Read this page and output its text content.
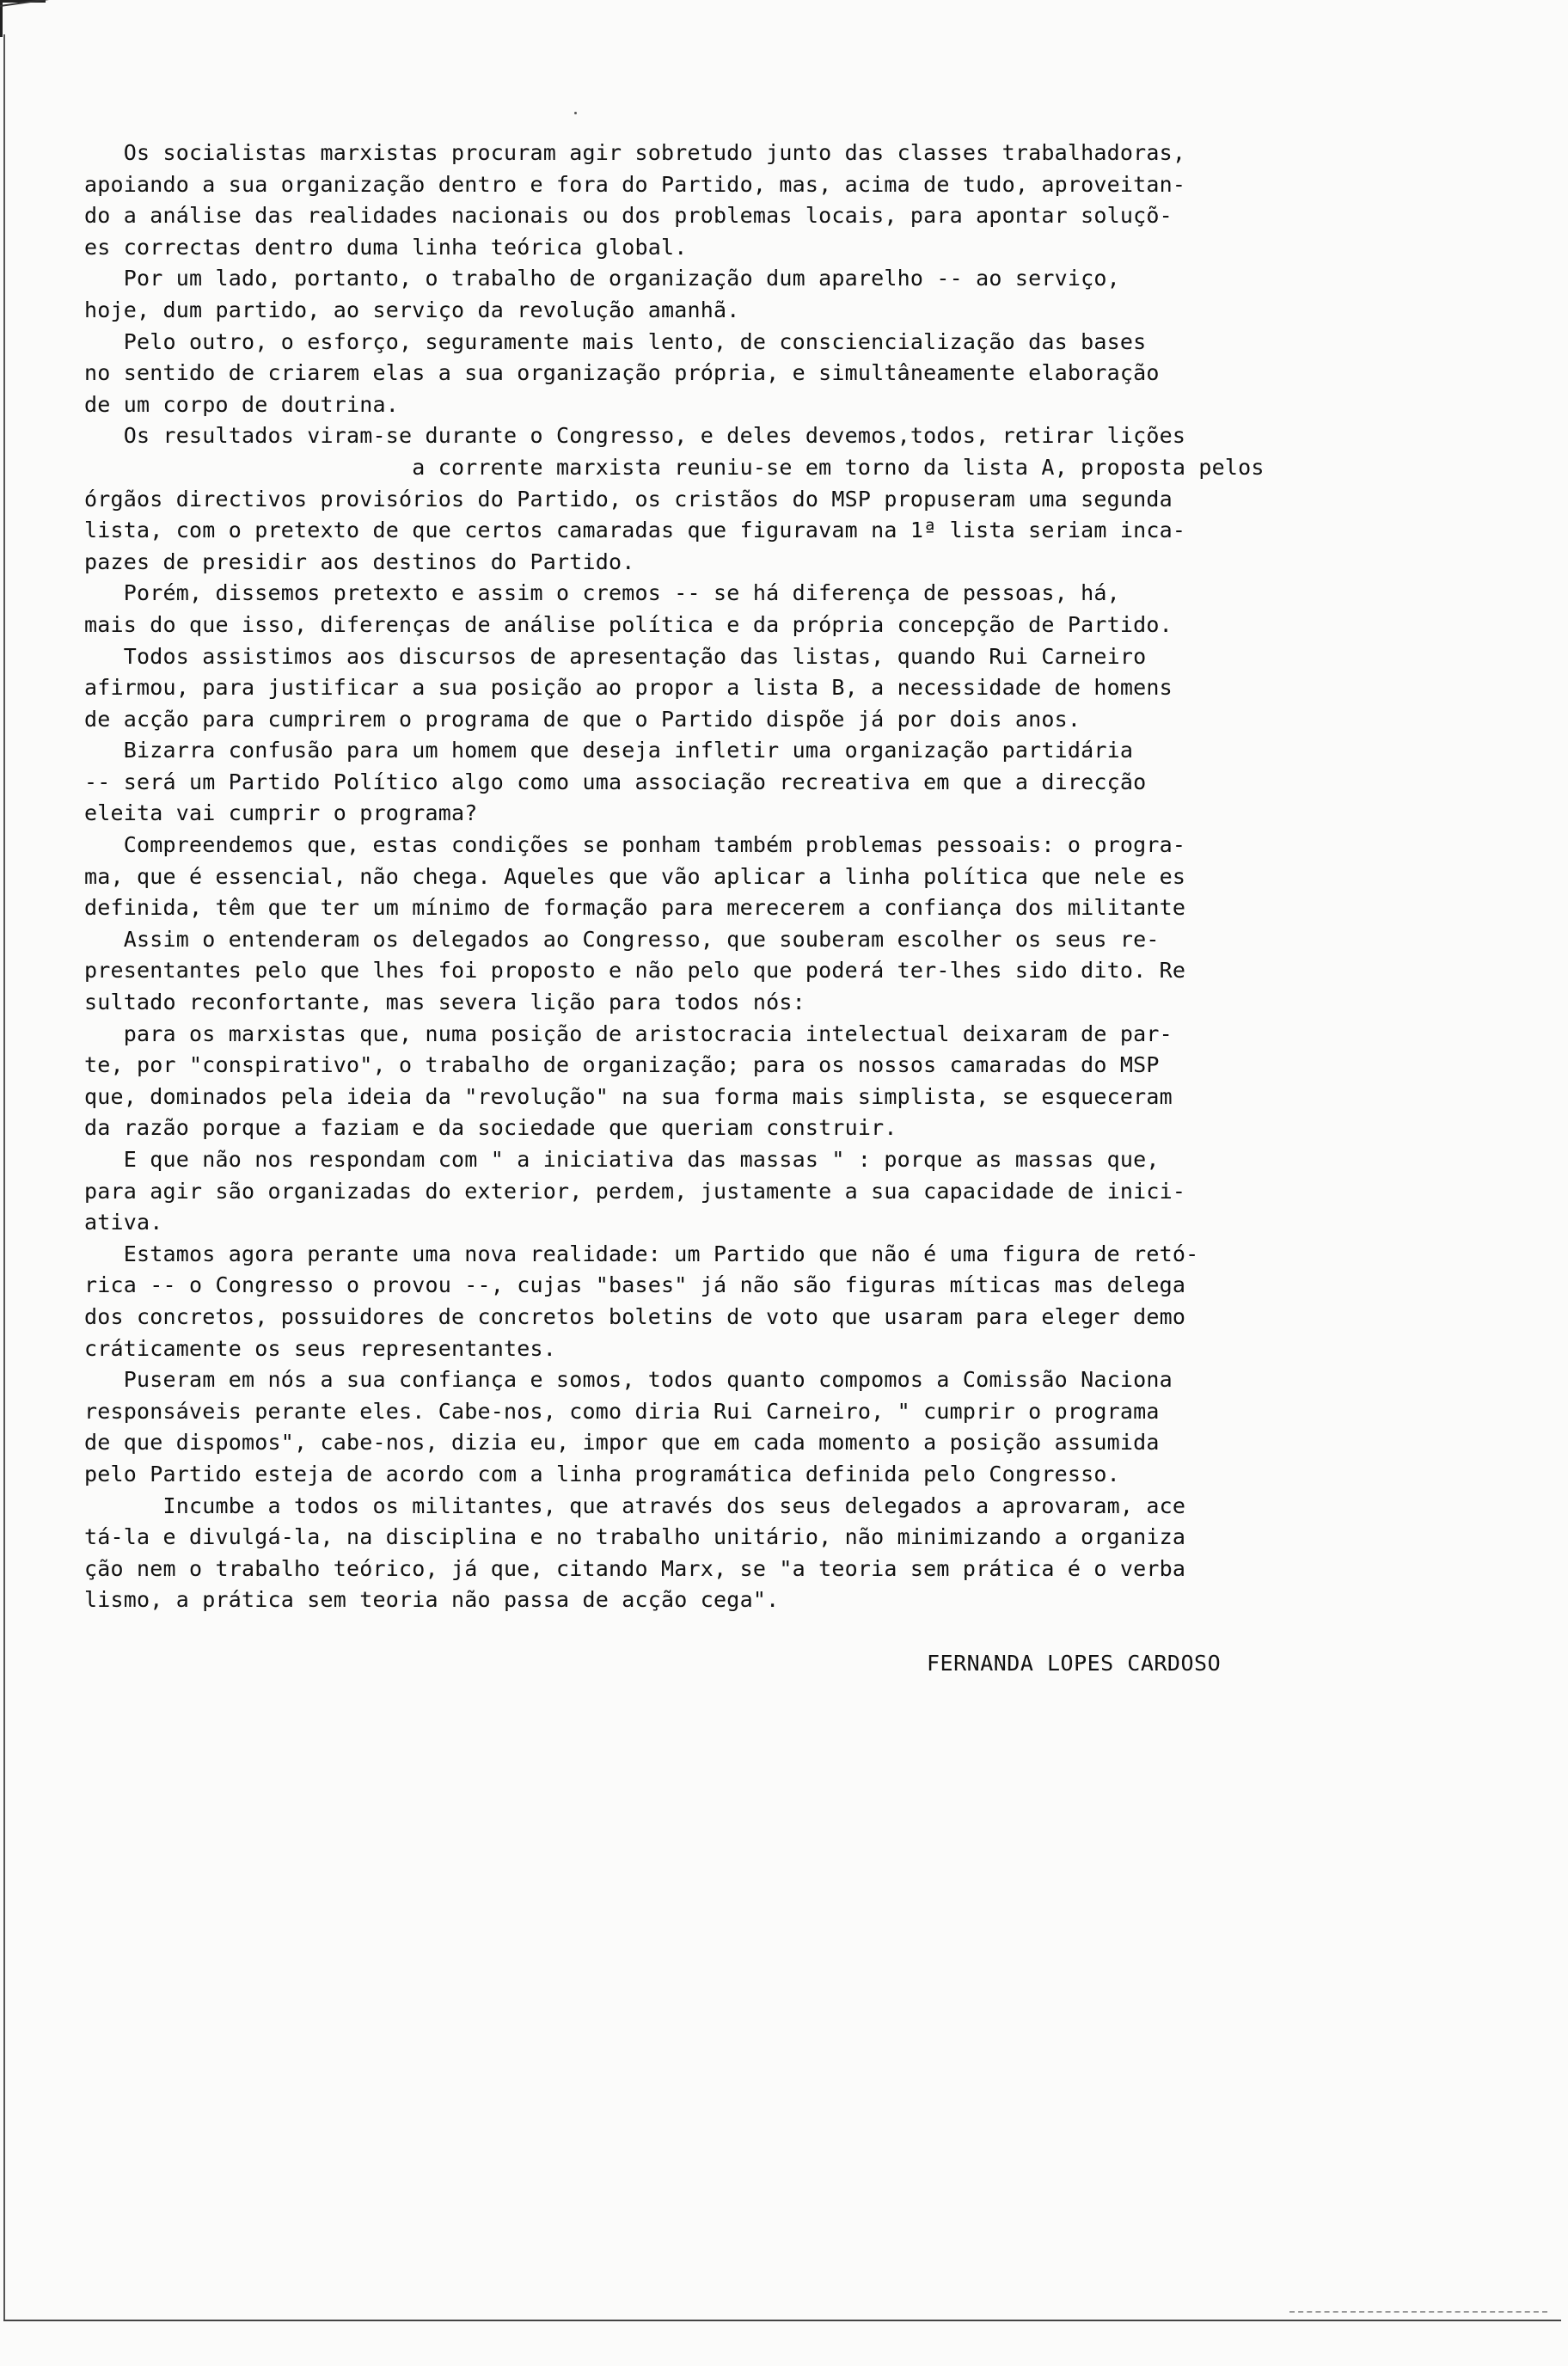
Os socialistas marxistas procuram agir sobretudo junto das classes trabalhadoras,

apoiando a sua organização dentro e fora do Partido, mas, acima de tudo, aproveitan-

do a análise das realidades nacionais ou dos problemas locais, para apontar soluçõ-

es correctas dentro duma linha teórica global.

Por um lado, portanto, o trabalho de organização dum aparelho -- ao serviço,

hoje, dum partido, ao serviço da revolução amanhã.

Pelo outro, o esforço, seguramente mais lento, de consciencialização das bases

no sentido de criarem elas a sua organização própria, e simultâneamente elaboração

de um corpo de doutrina.

Os resultados viram-se durante o Congresso, e deles devemos,todos, retirar lições

a corrente marxista reuniu-se em torno da lista A, proposta pelos

órgãos directivos provisórios do Partido, os cristãos do MSP propuseram uma segunda

lista, com o pretexto de que certos camaradas que figuravam na 1ª lista seriam inca-

pazes de presidir aos destinos do Partido.

Porém, dissemos pretexto e assim o cremos -- se há diferença de pessoas, há,

mais do que isso, diferenças de análise política e da própria concepção de Partido.

Todos assistimos aos discursos de apresentação das listas, quando Rui Carneiro

afirmou, para justificar a sua posição ao propor a lista B, a necessidade de homens

de acção para cumprirem o programa de que o Partido dispõe já por dois anos.

Bizarra confusão para um homem que deseja infletir uma organização partidária

-- será um Partido Político algo como uma associação recreativa em que a direcção

eleita vai cumprir o programa?

Compreendemos que, estas condições se ponham também problemas pessoais: o progra-

ma, que é essencial, não chega. Aqueles que vão aplicar a linha política que nele es

definida, têm que ter um mínimo de formação para merecerem a confiança dos militante

Assim o entenderam os delegados ao Congresso, que souberam escolher os seus re-

presentantes pelo que lhes foi proposto e não pelo que poderá ter-lhes sido dito. Re

sultado reconfortante, mas severa lição para todos nós:

para os marxistas que, numa posição de aristocracia intelectual deixaram de par-

te, por "conspirativo", o trabalho de organização; para os nossos camaradas do MSP

que, dominados pela ideia da "revolução" na sua forma mais simplista, se esqueceram

da razão porque a faziam e da sociedade que queriam construir.

E que não nos respondam com " a iniciativa das massas " : porque as massas que,

para agir são organizadas do exterior, perdem, justamente a sua capacidade de inici-

ativa.

Estamos agora perante uma nova realidade: um Partido que não é uma figura de retó-

rica -- o Congresso o provou --, cujas "bases" já não são figuras míticas mas delega

dos concretos, possuidores de concretos boletins de voto que usaram para eleger demo

cráticamente os seus representantes.

Puseram em nós a sua confiança e somos, todos quanto compomos a Comissão Naciona

responsáveis perante eles. Cabe-nos, como diria Rui Carneiro, " cumprir o programa

de que dispomos", cabe-nos, dizia eu, impor que em cada momento a posição assumida

pelo Partido esteja de acordo com a linha programática definida pelo Congresso.

Incumbe a todos os militantes, que através dos seus delegados a aprovaram, ace

tá-la e divulgá-la, na disciplina e no trabalho unitário, não minimizando a organiza

ção nem o trabalho teórico, já que, citando Marx, se "a teoria sem prática é o verba

lismo, a prática sem teoria não passa de acção cega".

FERNANDA LOPES CARDOSO
